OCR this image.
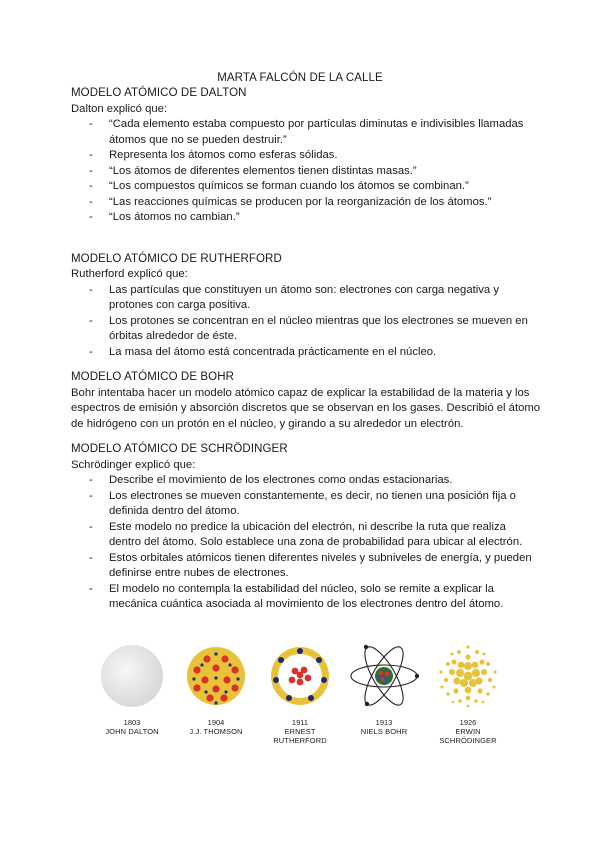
MARTA FALCÓN DE LA CALLE
MODELO ATÓMICO DE DALTON

Dalton explicó que:

- “Cada elemento estaba compuesto por partículas diminutas e indivisibles llamadas átomos que no se pueden destruir.”
- Representa los átomos como esferas sólidas.
- “Los átomos de diferentes elementos tienen distintas masas.”
- “Los compuestos químicos se forman cuando los átomos se combinan.”
- “Las reacciones químicas se producen por la reorganización de los átomos.”
- “Los átomos no cambian.”
MODELO ATÓMICO DE RUTHERFORD

Rutherford explicó que:

- Las partículas que constituyen un átomo son: electrones con carga negativa y protones con carga positiva.
- Los protones se concentran en el núcleo mientras que los electrones se mueven en órbitas alrededor de éste.
- La masa del átomo está concentrada prácticamente en el núcleo.
MODELO ATÓMICO DE BOHR

Bohr intentaba hacer un modelo atómico capaz de explicar la estabilidad de la materia y los espectros de emisión y absorción discretos que se observan en los gases. Describió el átomo de hidrógeno con un protón en el núcleo, y girando a su alrededor un electrón.

MODELO ATÓMICO DE SCHRÖDINGER

Schrödinger explicó que:

- Describe el movimiento de los electrones como ondas estacionarias.
- Los electrones se mueven constantemente, es decir, no tienen una posición fija o definida dentro del átomo.
- Este modelo no predice la ubicación del electrón, ni describe la ruta que realiza dentro del átomo. Solo establece una zona de probabilidad para ubicar al electrón.
- Estos orbitales atómicos tienen diferentes niveles y subniveles de energía, y pueden definirse entre nubes de electrones.
- El modelo no contempla la estabilidad del núcleo, solo se remite a explicar la mecánica cuántica asociada al movimiento de los electrones dentro del átomo.
1803
JOHN DALTON
1904
J.J. THOMSON
1911
ERNEST RUTHERFORD
1913
NIELS BOHR
1926
ERWIN SCHRÖDINGER
